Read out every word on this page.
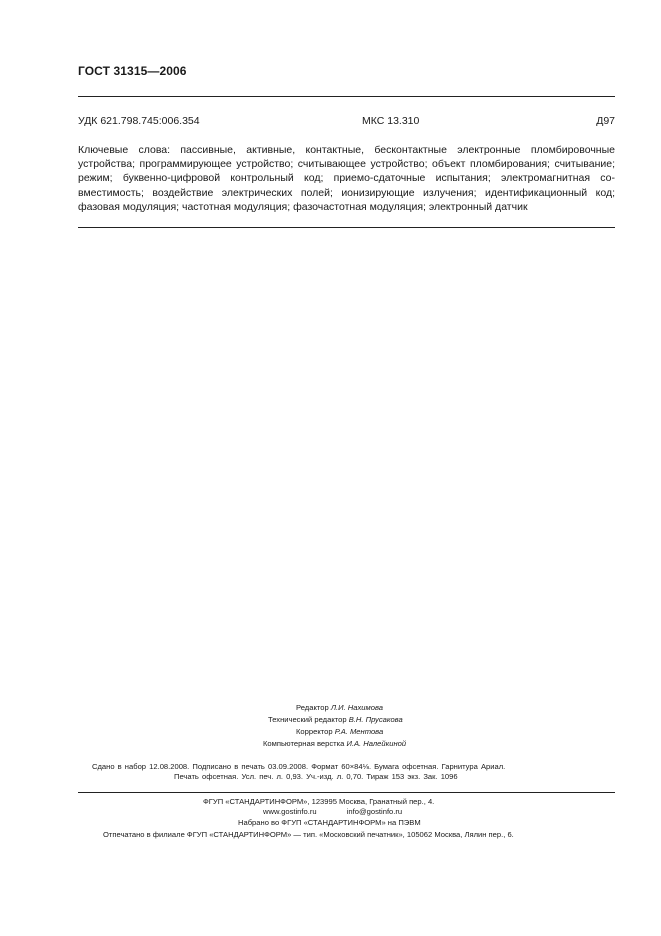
ГОСТ 31315—2006
УДК 621.798.745:006.354	МКС 13.310	Д97

Ключевые слова: пассивные, активные, контактные, бесконтактные электронные пломбировочные устройства; программирующее устройство; считывающее устройство; объект пломбирования; считывание; режим; буквенно-цифровой контрольный код; приемо-сдаточные испытания; электромагнитная совместимость; воздействие электрических полей; ионизирующие излучения; идентификационный код; фазовая модуляция; частотная модуляция; фазочастотная модуляция; электронный датчик

Редактор Л.И. Нахимова
Технический редактор В.Н. Прусакова
Корректор Р.А. Ментова
Компьютерная верстка И.А. Налейкиной
Сдано в набор 12.08.2008. Подписано в печать 03.09.2008. Формат 60×84⅛. Бумага офсетная. Гарнитура Ариал.
Печать офсетная. Усл. печ. л. 0,93. Уч.-изд. л. 0,70. Тираж 153 экз. Зак. 1096
ФГУП «СТАНДАРТИНФОРМ», 123995 Москва, Гранатный пер., 4.
www.gostinfo.ru	info@gostinfo.ru
Набрано во ФГУП «СТАНДАРТИНФОРМ» на ПЭВМ
Отпечатано в филиале ФГУП «СТАНДАРТИНФОРМ» — тип. «Московский печатник», 105062 Москва, Лялин пер., 6.
